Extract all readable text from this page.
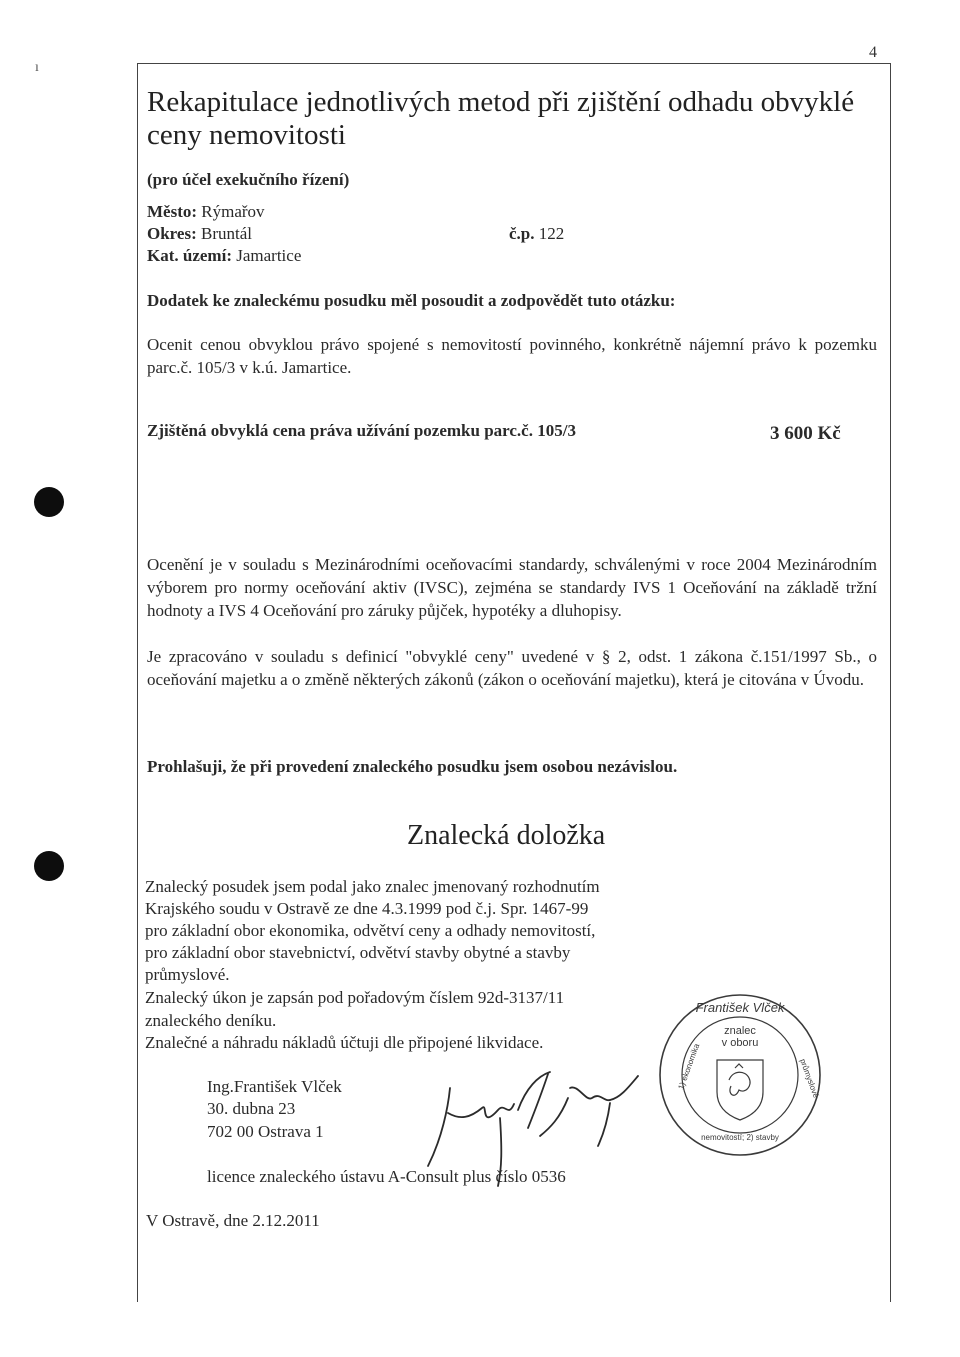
4
ı
Rekapitulace jednotlivých metod při zjištění odhadu obvyklé ceny nemovitosti
(pro účel exekučního řízení)
Město: Rýmařov
Okres: Bruntál	č.p. 122
Kat. území: Jamartice
Dodatek ke znaleckému posudku měl posoudit a zodpovědět tuto otázku:
Ocenit cenou obvyklou právo spojené s nemovitostí povinného, konkrétně nájemní právo k pozemku parc.č. 105/3 v k.ú. Jamartice.
Zjištěná obvyklá cena práva užívání pozemku parc.č. 105/3	3 600 Kč
Ocenění je v souladu s Mezinárodními oceňovacími standardy, schválenými v roce 2004 Mezinárodním výborem pro normy oceňování aktiv (IVSC), zejména se standardy IVS 1 Oceňování na základě tržní hodnoty a IVS 4 Oceňování pro záruky půjček, hypotéky a dluhopisy.
Je zpracováno v souladu s definicí "obvyklé ceny" uvedené v § 2, odst. 1 zákona č.151/1997 Sb., o oceňování majetku a o změně některých zákonů (zákon o oceňování majetku), která je citována v Úvodu.
Prohlašuji, že při provedení znaleckého posudku jsem osobou nezávislou.
Znalecká doložka
Znalecký posudek jsem podal jako znalec jmenovaný rozhodnutím
Krajského soudu v Ostravě ze dne 4.3.1999 pod č.j. Spr. 1467-99
pro základní obor ekonomika, odvětví ceny a odhady nemovitostí,
pro základní obor stavebnictví, odvětví stavby obytné a stavby
průmyslové.
Znalecký úkon je zapsán pod pořadovým číslem 92d-3137/11
znaleckého deníku.
Znalečné a náhradu nákladů účtuji dle připojené likvidace.
Ing.František Vlček
30. dubna 23
702 00 Ostrava 1
licence znaleckého ústavu A-Consult plus číslo 0536
V Ostravě, dne 2.12.2011
František Vlček
znalec
v oboru
nemovitostí; 2) stavby
1) ekonomika	průmyslové
